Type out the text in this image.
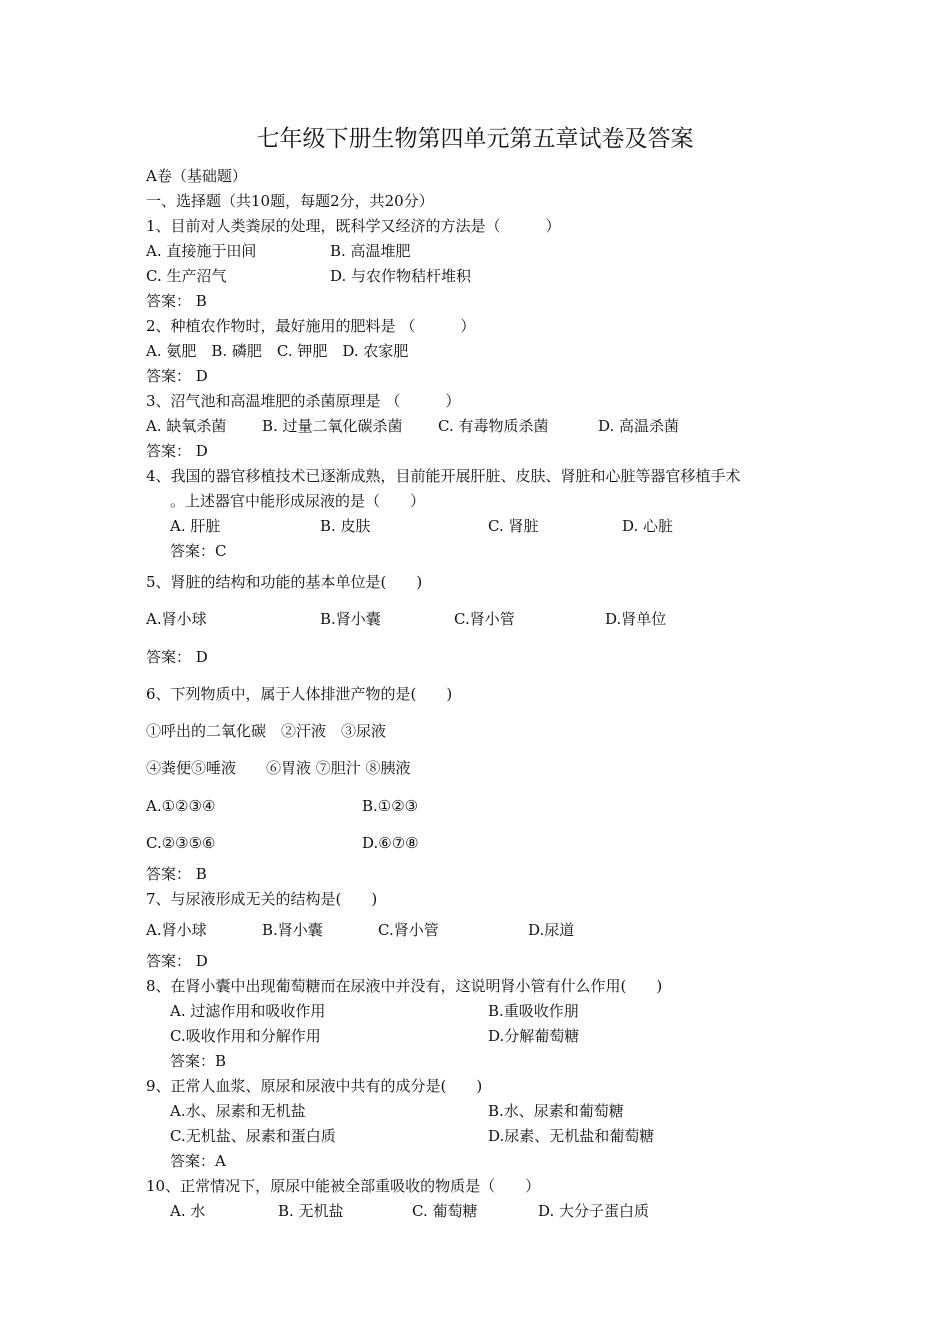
七年级下册生物第四单元第五章试卷及答案
A卷（基础题）
一、选择题（共10题，每题2分，共20分）
1、目前对人类粪尿的处理，既科学又经济的方法是（　　　）
A. 直接施于田间	B. 高温堆肥
C. 生产沼气	D. 与农作物秸杆堆积
答案： B
2、种植农作物时，最好施用的肥料是 （　　　）
A. 氨肥　B. 磷肥　C. 钾肥　D. 农家肥
答案： D
3、沼气池和高温堆肥的杀菌原理是 （　　　）
A. 缺氧杀菌 B. 过量二氧化碳杀菌 C. 有毒物质杀菌	D. 高温杀菌
答案： D
4、我国的器官移植技术已逐渐成熟，目前能开展肝脏、皮肤、肾脏和心脏等器官移植手术
。上述器官中能形成尿液的是（　　）
A. 肝脏	B. 皮肤	C. 肾脏	D. 心脏
答案：C
5、肾脏的结构和功能的基本单位是(　　)
A.肾小球	B.肾小囊	C.肾小管	D.肾单位
答案： D
6、下列物质中，属于人体排泄产物的是(　　)
①呼出的二氧化碳　②汗液　③尿液
④粪便⑤唾液　　⑥胃液 ⑦胆汁 ⑧胰液
A.①②③④	B.①②③
C.②③⑤⑥	D.⑥⑦⑧
答案： B
7、与尿液形成无关的结构是(　　)
A.肾小球	B.肾小囊	C.肾小管	D.尿道
答案： D
8、在肾小囊中出现葡萄糖而在尿液中并没有，这说明肾小管有什么作用(　　)
A. 过滤作用和吸收作用	B.重吸收作朋
C.吸收作用和分解作用	D.分解葡萄糖
答案：B
9、正常人血浆、原尿和尿液中共有的成分是(　　)
A.水、尿素和无机盐	B.水、尿素和葡萄糖
C.无机盐、尿素和蛋白质	D.尿素、无机盐和葡萄糖
答案：A
10、正常情况下，原尿中能被全部重吸收的物质是（　　）
A. 水	B. 无机盐	C. 葡萄糖	D. 大分子蛋白质
